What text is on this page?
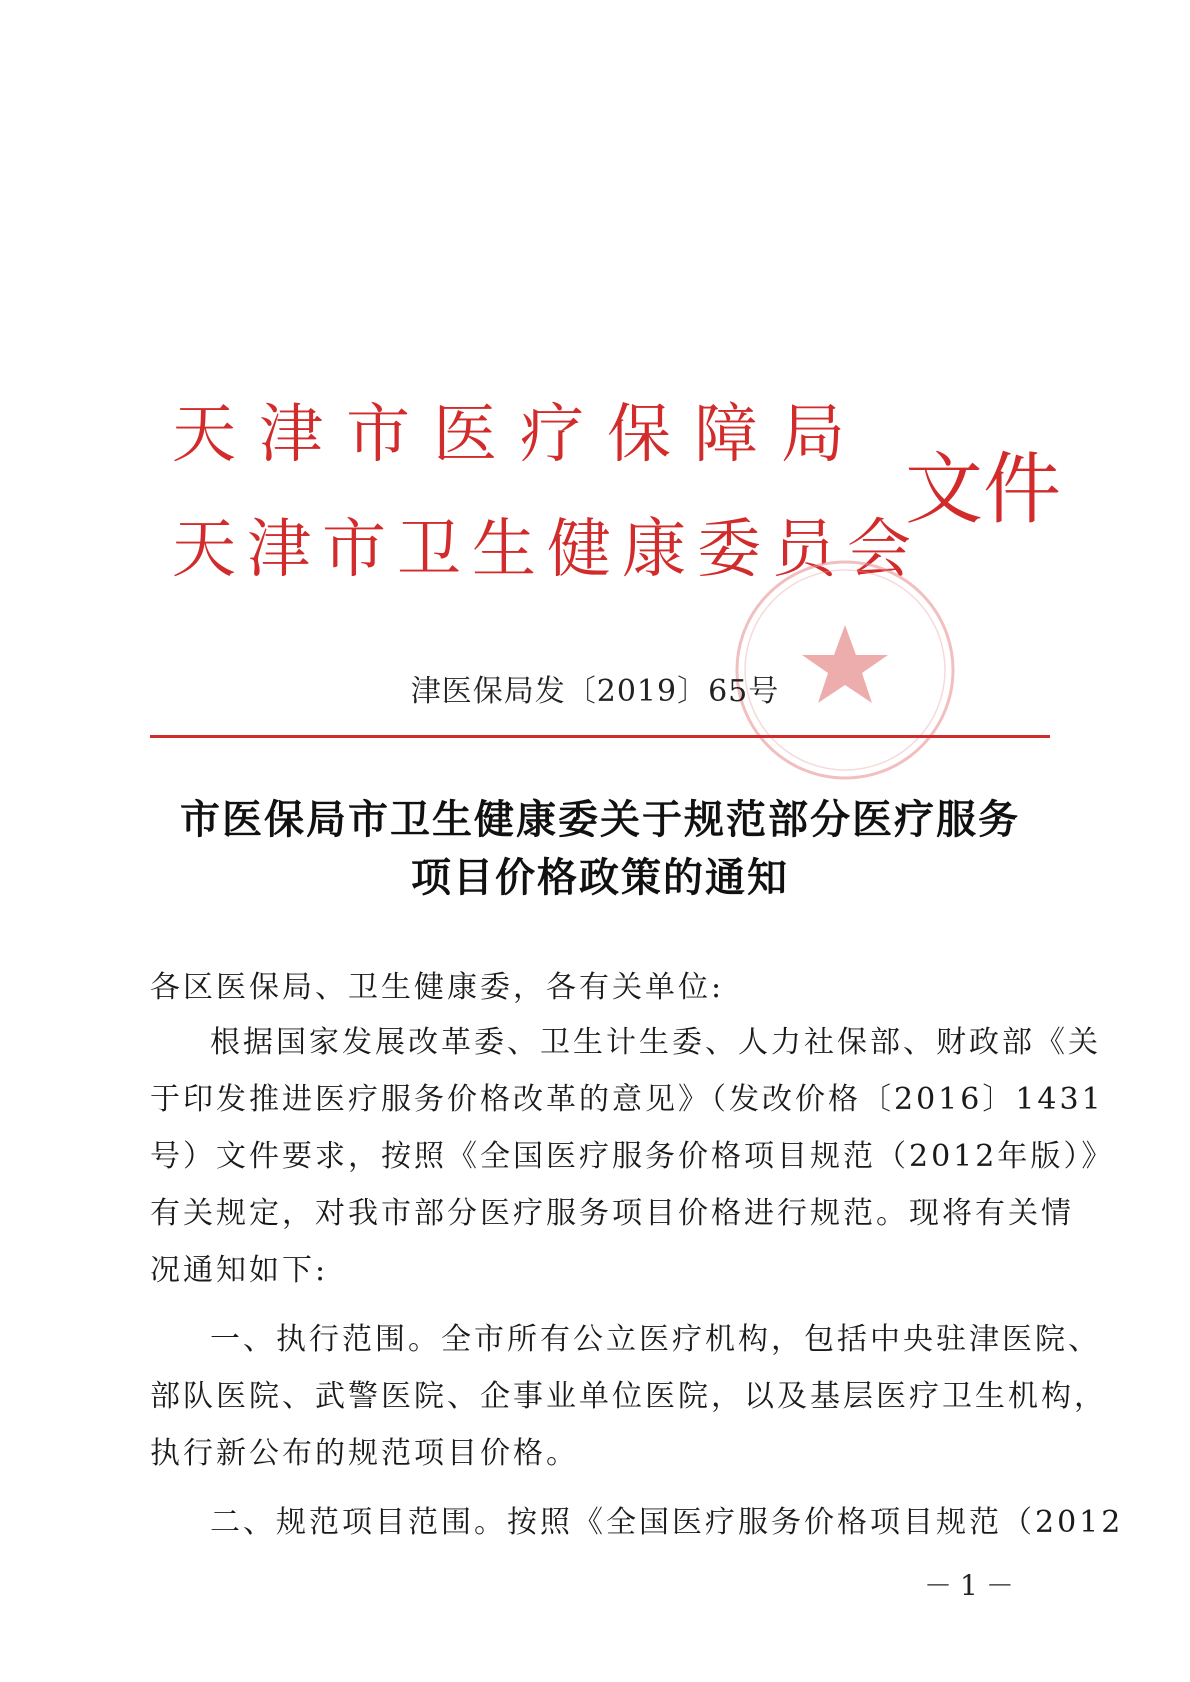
天津市医疗保障局
天津市卫生健康委员会
文件
津医保局发〔2019〕65号
市医保局市卫生健康委关于规范部分医疗服务
项目价格政策的通知
各区医保局、卫生健康委，各有关单位:
根据国家发展改革委、卫生计生委、人力社保部、财政部《关
于印发推进医疗服务价格改革的意见》（发改价格〔2016〕1431
号）文件要求，按照《全国医疗服务价格项目规范（2012年版）》
有关规定，对我市部分医疗服务项目价格进行规范。现将有关情
况通知如下:
一、执行范围。全市所有公立医疗机构，包括中央驻津医院、
部队医院、武警医院、企事业单位医院，以及基层医疗卫生机构，
执行新公布的规范项目价格。
二、规范项目范围。按照《全国医疗服务价格项目规范（2012
－1－
